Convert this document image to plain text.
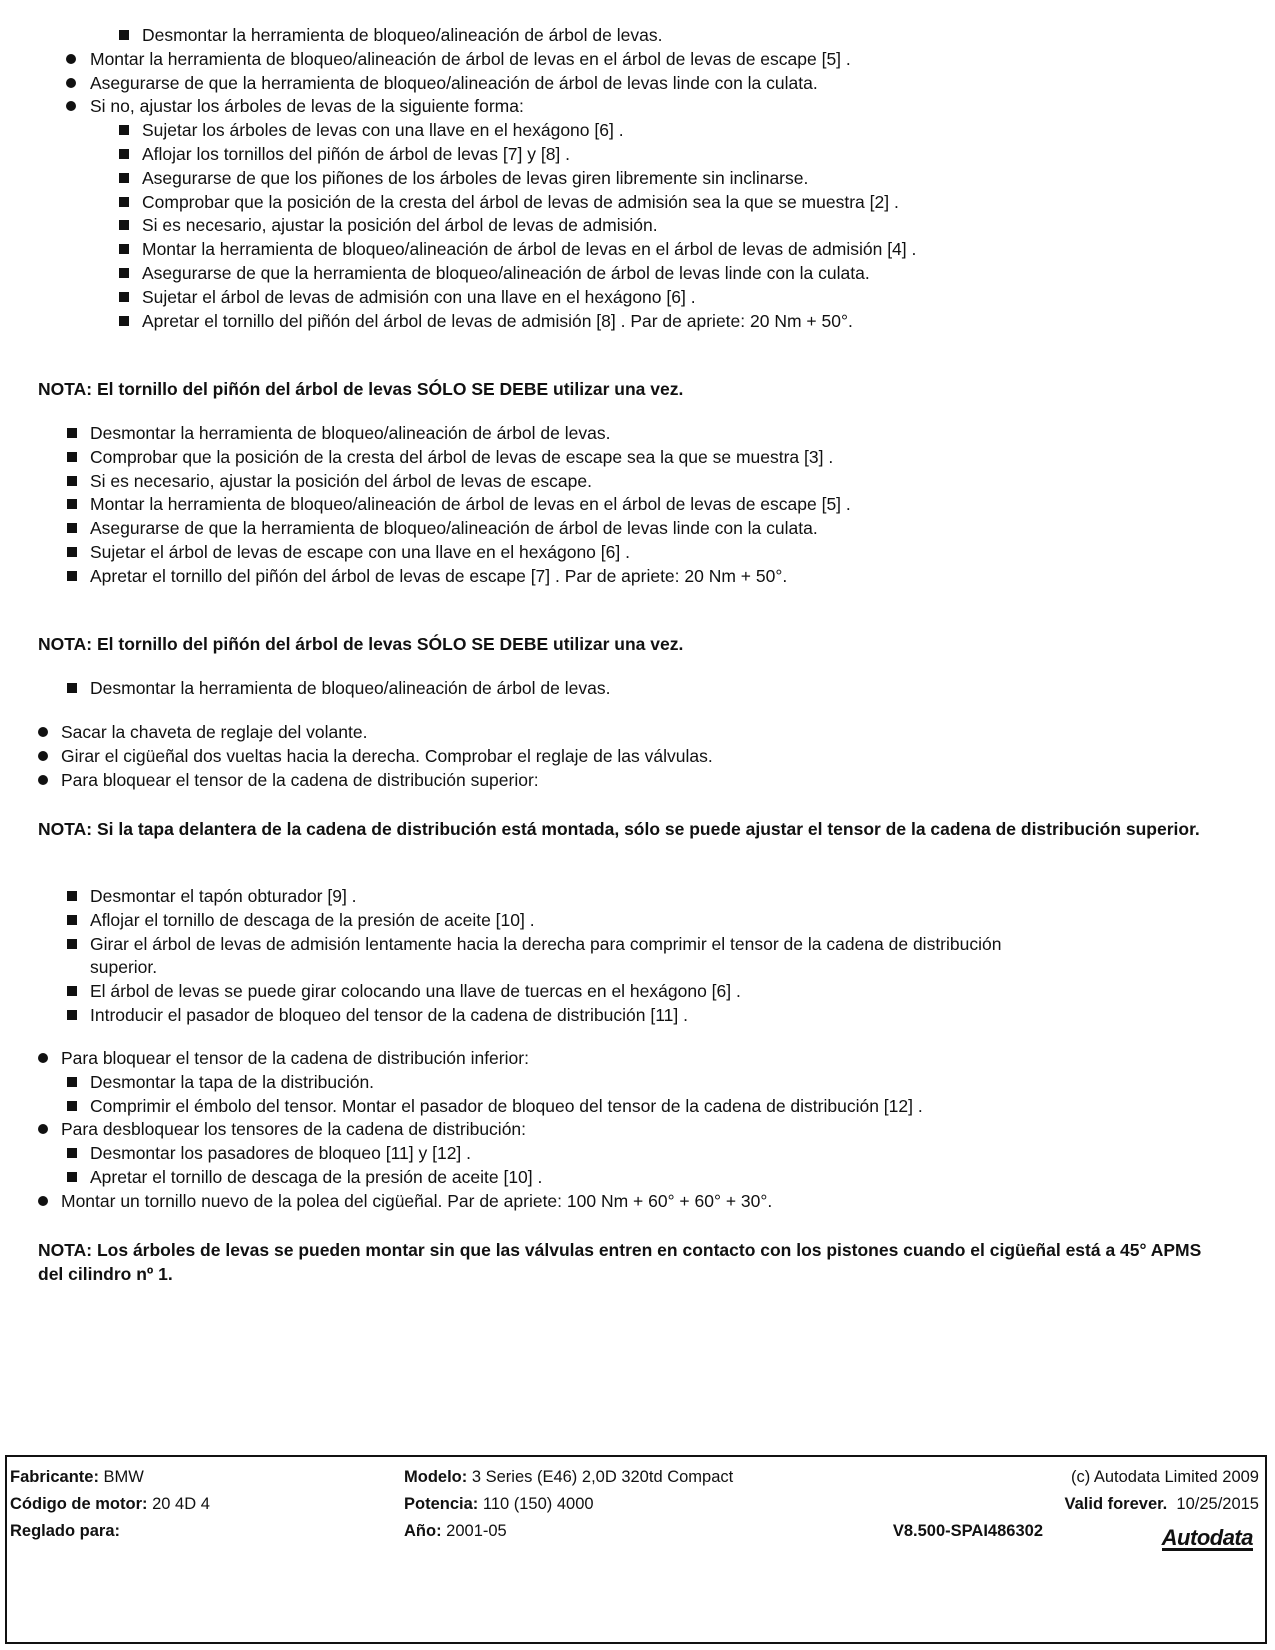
Desmontar la herramienta de bloqueo/alineación de árbol de levas.
Montar la herramienta de bloqueo/alineación de árbol de levas en el árbol de levas de escape [5] .
Asegurarse de que la herramienta de bloqueo/alineación de árbol de levas linde con la culata.
Si no, ajustar los árboles de levas de la siguiente forma:
Sujetar los árboles de levas con una llave en el hexágono [6] .
Aflojar los tornillos del piñón de árbol de levas [7] y [8] .
Asegurarse de que los piñones de los árboles de levas giren libremente sin inclinarse.
Comprobar que la posición de la cresta del árbol de levas de admisión sea la que se muestra [2] .
Si es necesario, ajustar la posición del árbol de levas de admisión.
Montar la herramienta de bloqueo/alineación de árbol de levas en el árbol de levas de admisión [4] .
Asegurarse de que la herramienta de bloqueo/alineación de árbol de levas linde con la culata.
Sujetar el árbol de levas de admisión con una llave en el hexágono [6] .
Apretar el tornillo del piñón del árbol de levas de admisión [8] . Par de apriete: 20 Nm + 50°.
Desmontar la herramienta de bloqueo/alineación de árbol de levas.
Comprobar que la posición de la cresta del árbol de levas de escape sea la que se muestra [3] .
Si es necesario, ajustar la posición del árbol de levas de escape.
Montar la herramienta de bloqueo/alineación de árbol de levas en el árbol de levas de escape [5] .
Asegurarse de que la herramienta de bloqueo/alineación de árbol de levas linde con la culata.
Sujetar el árbol de levas de escape con una llave en el hexágono [6] .
Apretar el tornillo del piñón del árbol de levas de escape [7] . Par de apriete: 20 Nm + 50°.
Desmontar la herramienta de bloqueo/alineación de árbol de levas.
Sacar la chaveta de reglaje del volante.
Girar el cigüeñal dos vueltas hacia la derecha. Comprobar el reglaje de las válvulas.
Para bloquear el tensor de la cadena de distribución superior:
Desmontar el tapón obturador [9] .
Aflojar el tornillo de descaga de la presión de aceite [10] .
Girar el árbol de levas de admisión lentamente hacia la derecha para comprimir el tensor de la cadena de distribución
superior.
El árbol de levas se puede girar colocando una llave de tuercas en el hexágono [6] .
Introducir el pasador de bloqueo del tensor de la cadena de distribución [11] .
Para bloquear el tensor de la cadena de distribución inferior:
Desmontar la tapa de la distribución.
Comprimir el émbolo del tensor. Montar el pasador de bloqueo del tensor de la cadena de distribución [12] .
Para desbloquear los tensores de la cadena de distribución:
Desmontar los pasadores de bloqueo [11] y [12] .
Apretar el tornillo de descaga de la presión de aceite [10] .
Montar un tornillo nuevo de la polea del cigüeñal. Par de apriete: 100 Nm + 60° + 60° + 30°.
NOTA: El tornillo del piñón del árbol de levas SÓLO SE DEBE utilizar una vez.
NOTA: El tornillo del piñón del árbol de levas SÓLO SE DEBE utilizar una vez.
NOTA: Si la tapa delantera de la cadena de distribución está montada, sólo se puede ajustar el tensor de la cadena de distribución superior.
NOTA: Los árboles de levas se pueden montar sin que las válvulas entren en contacto con los pistones cuando el cigüeñal está a 45° APMS del cilindro nº 1.
Fabricante: BMW
Código de motor: 20 4D 4
Reglado para:
Modelo: 3 Series (E46) 2,0D 320td Compact
Potencia: 110 (150) 4000
Año: 2001-05
(c) Autodata Limited 2009
Valid forever. 10/25/2015
V8.500-SPAI486302	Autodata
